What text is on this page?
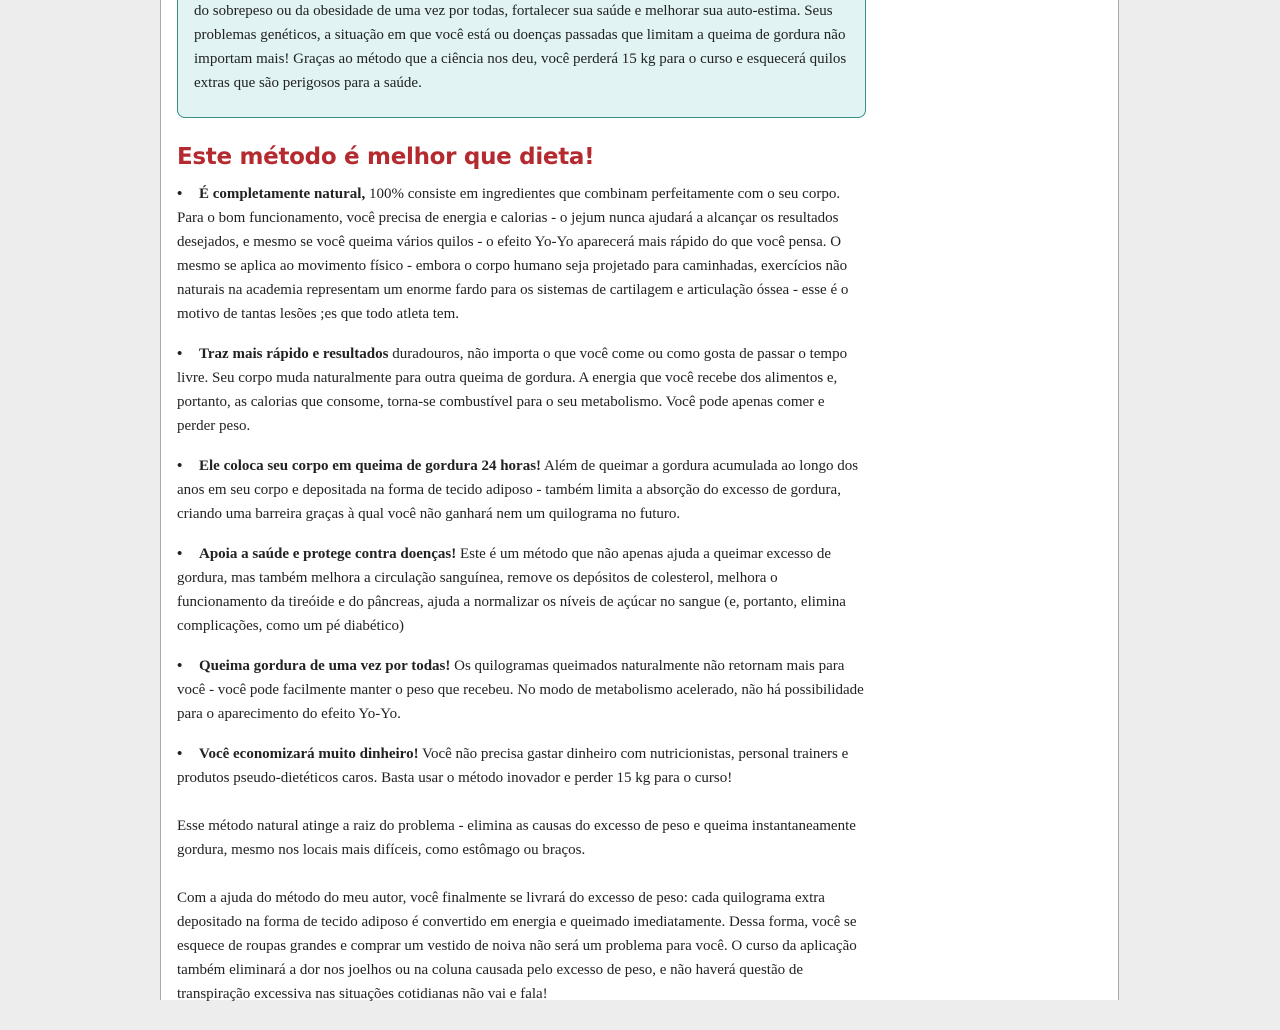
do sobrepeso ou da obesidade de uma vez por todas, fortalecer sua saúde e melhorar sua auto-estima. Seus problemas genéticos, a situação em que você está ou doenças passadas que limitam a queima de gordura não importam mais! Graças ao método que a ciência nos deu, você perderá 15 kg para o curso e esquecerá quilos extras que são perigosos para a saúde.

Este método é melhor que dieta!
• É completamente natural, 100% consiste em ingredientes que combinam perfeitamente com o seu corpo. Para o bom funcionamento, você precisa de energia e calorias - o jejum nunca ajudará a alcançar os resultados desejados, e mesmo se você queima vários quilos - o efeito Yo-Yo aparecerá mais rápido do que você pensa. O mesmo se aplica ao movimento físico - embora o corpo humano seja projetado para caminhadas, exercícios não naturais na academia representam um enorme fardo para os sistemas de cartilagem e articulação óssea - esse é o motivo de tantas lesões ;es que todo atleta tem.
• Traz mais rápido e resultados duradouros, não importa o que você come ou como gosta de passar o tempo livre. Seu corpo muda naturalmente para outra queima de gordura. A energia que você recebe dos alimentos e, portanto, as calorias que consome, torna-se combustível para o seu metabolismo. Você pode apenas comer e perder peso.
• Ele coloca seu corpo em queima de gordura 24 horas! Além de queimar a gordura acumulada ao longo dos anos em seu corpo e depositada na forma de tecido adiposo - também limita a absorção do excesso de gordura, criando uma barreira graças à qual você não ganhará nem um quilograma no futuro.
• Apoia a saúde e protege contra doenças! Este é um método que não apenas ajuda a queimar excesso de gordura, mas também melhora a circulação sanguínea, remove os depósitos de colesterol, melhora o funcionamento da tireóide e do pâncreas, ajuda a normalizar os níveis de açúcar no sangue (e, portanto, elimina complicações, como um pé diabético)
• Queima gordura de uma vez por todas! Os quilogramas queimados naturalmente não retornam mais para você - você pode facilmente manter o peso que recebeu. No modo de metabolismo acelerado, não há possibilidade para o aparecimento do efeito Yo-Yo.
• Você economizará muito dinheiro! Você não precisa gastar dinheiro com nutricionistas, personal trainers e produtos pseudo-dietéticos caros. Basta usar o método inovador e perder 15 kg para o curso!

Esse método natural atinge a raiz do problema - elimina as causas do excesso de peso e queima instantaneamente gordura, mesmo nos locais mais difíceis, como estômago ou braços.

Com a ajuda do método do meu autor, você finalmente se livrará do excesso de peso: cada quilograma extra depositado na forma de tecido adiposo é convertido em energia e queimado imediatamente. Dessa forma, você se esquece de roupas grandes e comprar um vestido de noiva não será um problema para você. O curso da aplicação também eliminará a dor nos joelhos ou na coluna causada pelo excesso de peso, e não haverá questão de transpiração excessiva nas situações cotidianas não vai e fala!
